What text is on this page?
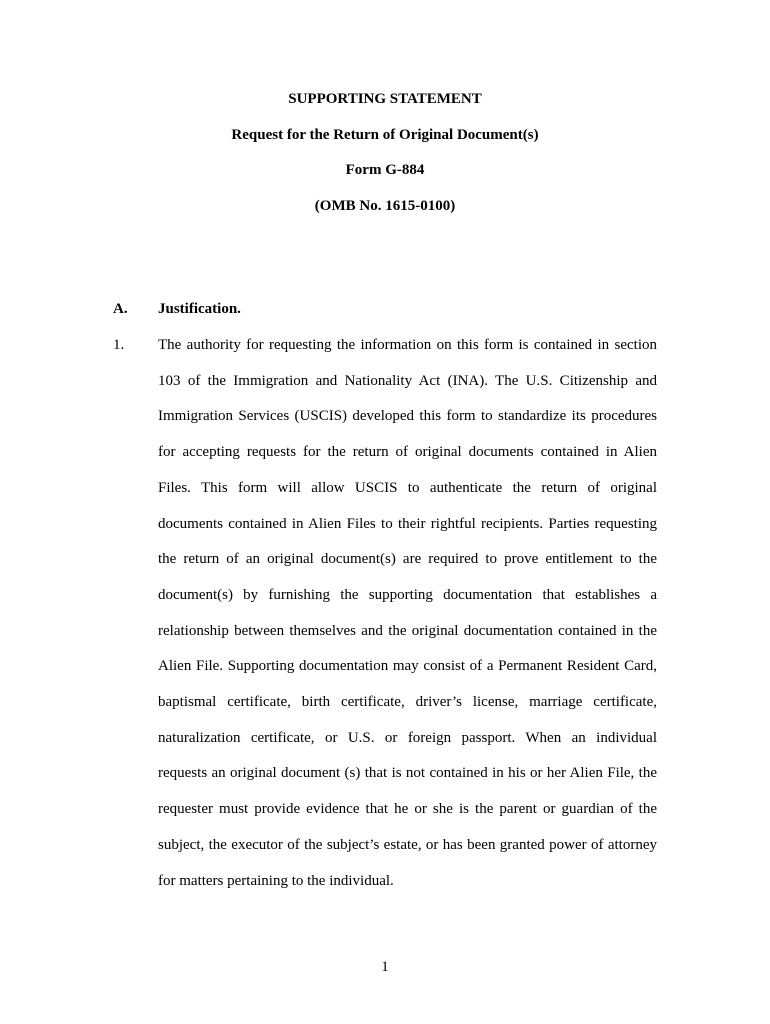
SUPPORTING STATEMENT
Request for the Return of Original Document(s)
Form G-884
(OMB No. 1615-0100)
A.	Justification.
1.	The authority for requesting the information on this form is contained in section
103 of the Immigration and Nationality Act (INA). The U.S. Citizenship and
Immigration Services (USCIS) developed this form to standardize its procedures
for accepting requests for the return of original documents contained in Alien
Files. This form will allow USCIS to authenticate the return of original
documents contained in Alien Files to their rightful recipients. Parties requesting
the return of an original document(s) are required to prove entitlement to the
document(s) by furnishing the supporting documentation that establishes a
relationship between themselves and the original documentation contained in the
Alien File. Supporting documentation may consist of a Permanent Resident Card,
baptismal certificate, birth certificate, driver’s license, marriage certificate,
naturalization certificate, or U.S. or foreign passport. When an individual
requests an original document (s) that is not contained in his or her Alien File, the
requester must provide evidence that he or she is the parent or guardian of the
subject, the executor of the subject’s estate, or has been granted power of attorney
for matters pertaining to the individual.
1
